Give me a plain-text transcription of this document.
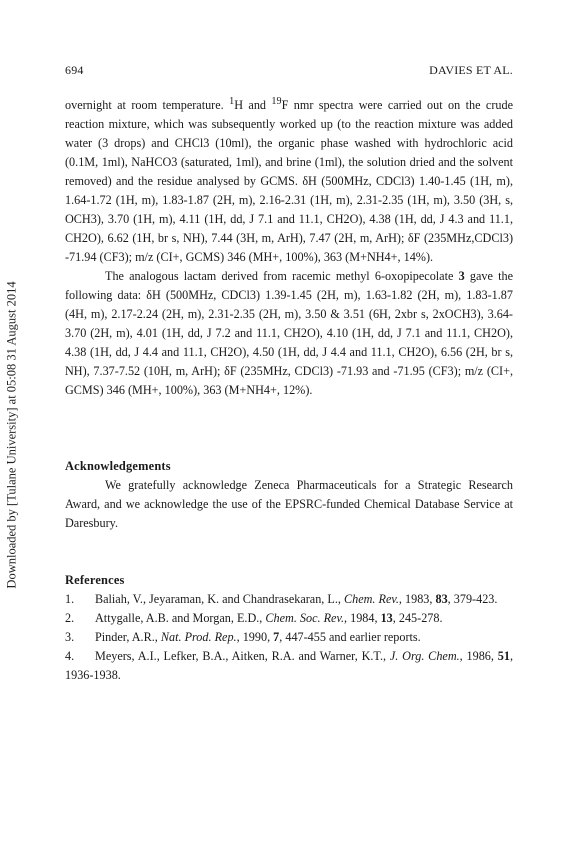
Downloaded by [Tulane University] at 05:08 31 August 2014
694	DAVIES ET AL.

overnight at room temperature. $^1$H and $^{19}$F nmr spectra were carried out on the crude reaction mixture, which was subsequently worked up (to the reaction mixture was added water (3 drops) and CHCl3 (10ml), the organic phase washed with hydrochloric acid (0.1M, 1ml), NaHCO3 (saturated, 1ml), and brine (1ml), the solution dried and the solvent removed) and the residue analysed by GCMS. δH (500MHz, CDCl3) 1.40-1.45 (1H, m), 1.64-1.72 (1H, m), 1.83-1.87 (2H, m), 2.16-2.31 (1H, m), 2.31-2.35 (1H, m), 3.50 (3H, s, OCH3), 3.70 (1H, m), 4.11 (1H, dd, J 7.1 and 11.1, CH2O), 4.38 (1H, dd, J 4.3 and 11.1, CH2O), 6.62 (1H, br s, NH), 7.44 (3H, m, ArH), 7.47 (2H, m, ArH); δF (235MHz,CDCl3) -71.94 (CF3); m/z (CI+, GCMS) 346 (MH+, 100%), 363 (M+NH4+, 14%).

The analogous lactam derived from racemic methyl 6-oxopipecolate 3 gave the following data: δH (500MHz, CDCl3) 1.39-1.45 (2H, m), 1.63-1.82 (2H, m), 1.83-1.87 (4H, m), 2.17-2.24 (2H, m), 2.31-2.35 (2H, m), 3.50 & 3.51 (6H, 2xbr s, 2xOCH3), 3.64-3.70 (2H, m), 4.01 (1H, dd, J 7.2 and 11.1, CH2O), 4.10 (1H, dd, J 7.1 and 11.1, CH2O), 4.38 (1H, dd, J 4.4 and 11.1, CH2O), 4.50 (1H, dd, J 4.4 and 11.1, CH2O), 6.56 (2H, br s, NH), 7.37-7.52 (10H, m, ArH); δF (235MHz, CDCl3) -71.93 and -71.95 (CF3); m/z (CI+, GCMS) 346 (MH+, 100%), 363 (M+NH4+, 12%).

Acknowledgements

We gratefully acknowledge Zeneca Pharmaceuticals for a Strategic Research Award, and we acknowledge the use of the EPSRC-funded Chemical Database Service at Daresbury.

References

1. Baliah, V., Jeyaraman, K. and Chandrasekaran, L., Chem. Rev., 1983, 83, 379-423.

2. Attygalle, A.B. and Morgan, E.D., Chem. Soc. Rev., 1984, 13, 245-278.

3. Pinder, A.R., Nat. Prod. Rep., 1990, 7, 447-455 and earlier reports.

4. Meyers, A.I., Lefker, B.A., Aitken, R.A. and Warner, K.T., J. Org. Chem., 1986, 51, 1936-1938.
